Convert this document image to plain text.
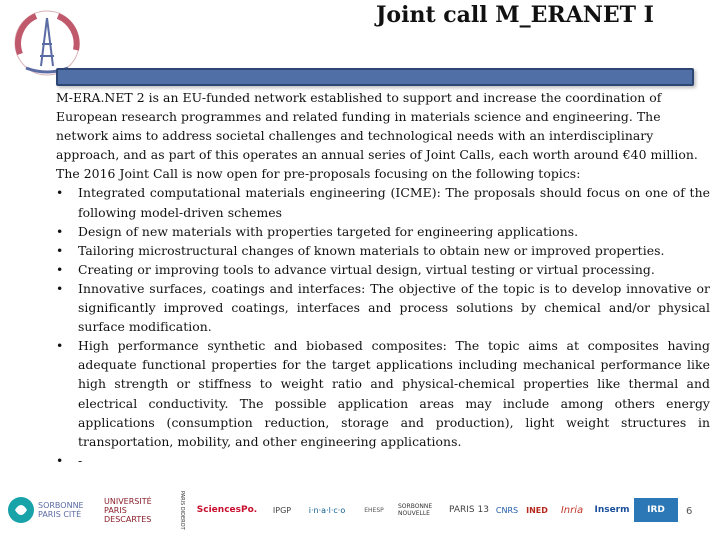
Joint call M_ERANET I

M-ERA.NET 2 is an EU-funded network established to support and increase the coordination of European research programmes and related funding in materials science and engineering. The network aims to address societal challenges and technological needs with an interdisciplinary approach, and as part of this operates an annual series of Joint Calls, each worth around €40 million.

The 2016 Joint Call is now open for pre-proposals focusing on the following topics:

•	Integrated computational materials engineering (ICME): The proposals should focus on one of the following model-driven schemes
•	Design of new materials with properties targeted for engineering applications.
•	Tailoring microstructural changes of known materials to obtain new or improved properties.
•	Creating or improving tools to advance virtual design, virtual testing or virtual processing.
•	Innovative surfaces, coatings and interfaces: The objective of the topic is to develop innovative or significantly improved coatings, interfaces and process solutions by chemical and/or physical surface modification.
•	High performance synthetic and biobased composites: The topic aims at composites having adequate functional properties for the target applications including mechanical performance like high strength or stiffness to weight ratio and physical-chemical properties like thermal and electrical conductivity. The possible application areas may include among others energy applications (consumption reduction, storage and production), light weight structures in transportation, mobility, and other engineering applications.
•	-
SORBONNE PARIS CITÉ
UNIVERSITÉ PARIS DESCARTES	PARIS DIDEROT	SciencesPo.	IPGP	i·n·a·l·c·o	EHESP	SORBONNE NOUVELLE	PARIS 13 CNRS	INED	Inria	Inserm	IRD	6
